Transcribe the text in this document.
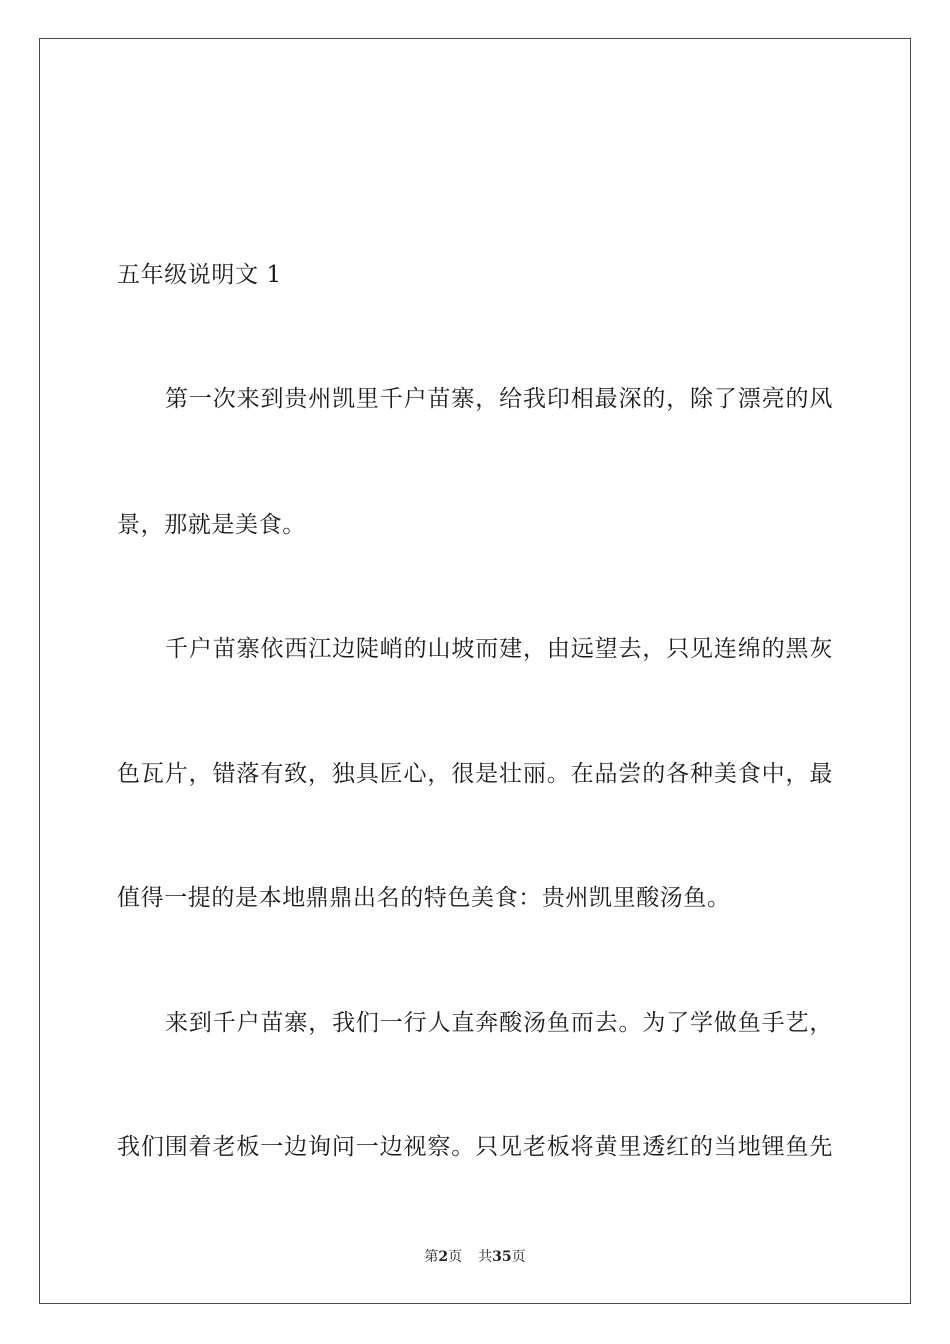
五年级说明文 1
第一次来到贵州凯里千户苗寨，给我印相最深的，除了漂亮的风
景，那就是美食。
千户苗寨依西江边陡峭的山坡而建，由远望去，只见连绵的黑灰
色瓦片，错落有致，独具匠心，很是壮丽。在品尝的各种美食中，最
值得一提的是本地鼎鼎出名的特色美食：贵州凯里酸汤鱼。
来到千户苗寨，我们一行人直奔酸汤鱼而去。为了学做鱼手艺，
我们围着老板一边询问一边视察。只见老板将黄里透红的当地锂鱼先
第2页 共35页
